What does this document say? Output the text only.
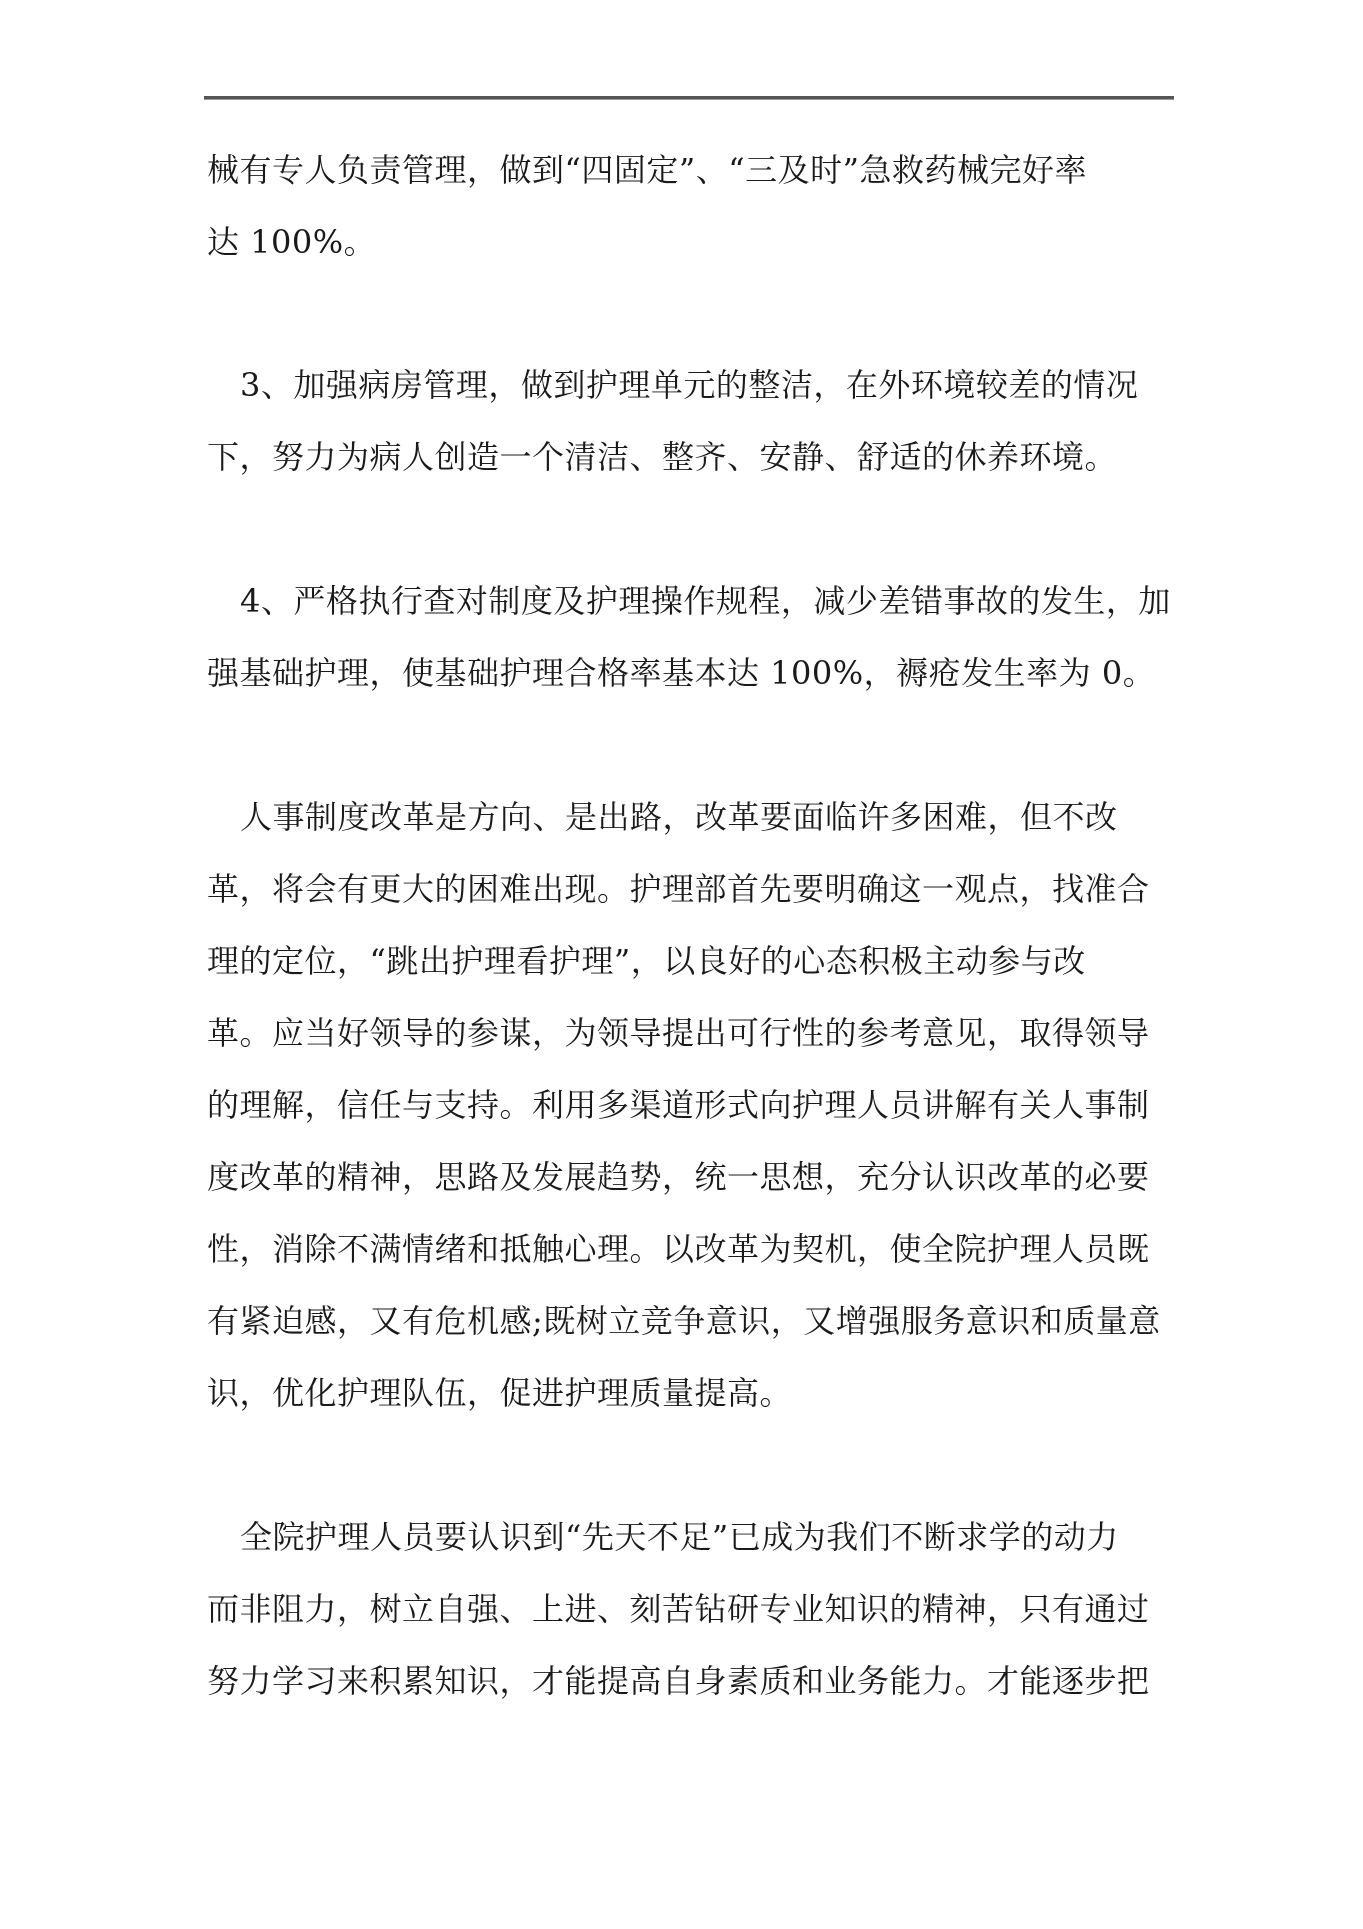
械有专人负责管理，做到“四固定”、“三及时”急救药械完好率
达 100%。
3、加强病房管理，做到护理单元的整洁，在外环境较差的情况
下，努力为病人创造一个清洁、整齐、安静、舒适的休养环境。
4、严格执行查对制度及护理操作规程，减少差错事故的发生，加
强基础护理，使基础护理合格率基本达 100%，褥疮发生率为 0。
人事制度改革是方向、是出路，改革要面临许多困难，但不改
革，将会有更大的困难出现。护理部首先要明确这一观点，找准合
理的定位，“跳出护理看护理”，以良好的心态积极主动参与改
革。应当好领导的参谋，为领导提出可行性的参考意见，取得领导
的理解，信任与支持。利用多渠道形式向护理人员讲解有关人事制
度改革的精神，思路及发展趋势，统一思想，充分认识改革的必要
性，消除不满情绪和抵触心理。以改革为契机，使全院护理人员既
有紧迫感，又有危机感;既树立竞争意识，又增强服务意识和质量意
识，优化护理队伍，促进护理质量提高。
全院护理人员要认识到“先天不足”已成为我们不断求学的动力
而非阻力，树立自强、上进、刻苦钻研专业知识的精神，只有通过
努力学习来积累知识，才能提高自身素质和业务能力。才能逐步把
